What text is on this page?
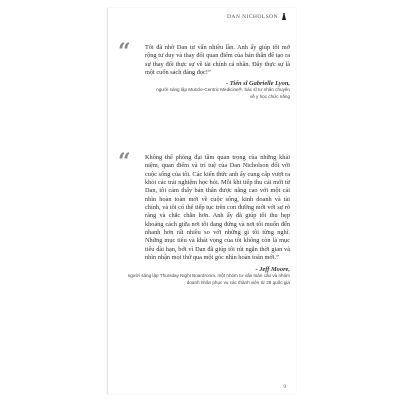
DAN NICHOLSON
“ Tôi đã nhờ Dan tư vấn nhiều lần. Anh ấy giúp tôi mở rộng tư duy và thay đổi quan điểm của bản thân để tạo ra sự thay đổi thực sự về tài chính cá nhân. Đây thực sự là một cuốn sách đáng đọc!”
- Tiến sĩ Gabrielle Lyon,
người sáng lập Muscle-Centric Medicine®, bác sĩ tư nhân chuyên về y học chức năng
“ Không thể phóng đại tầm quan trọng của những khải niệm, quan điểm và trí tuệ của Dan Nicholson đối với cuộc sống của tôi. Các kiến thức anh ấy cung cấp vượt ra khỏi các trải nghiệm học hỏi. Mỗi khi tiếp thu cái mới từ Dan, tôi cảm thấy bản thân được nâng cao với một cái nhìn hoàn toàn mới về cuộc sống, kinh doanh và tài chính, và tôi có thể tiếp tục trên con đường mới với sự rõ ràng và chắc chắn hơn. Anh ấy đã giúp tôi thu hẹp khoảng cách giữa nơi tôi đang đứng và nơi tôi muốn đến nhanh hơn rất nhiều so với những gì tôi từng nghĩ. Những mục tiêu và khát vọng của tôi không còn là mục tiêu dài hạn, bởi vì Dan đã giúp tôi rút ngắn thời gian và nhìn nhận mọi thứ qua một góc nhìn hoàn toàn mới.”
- Jeff Moore,
người sáng lập Thursday Night Boardroom, một nhóm tư vấn toàn cầu và nhóm doanh nhân phục vụ các thành viên từ 28 quốc gia
9
